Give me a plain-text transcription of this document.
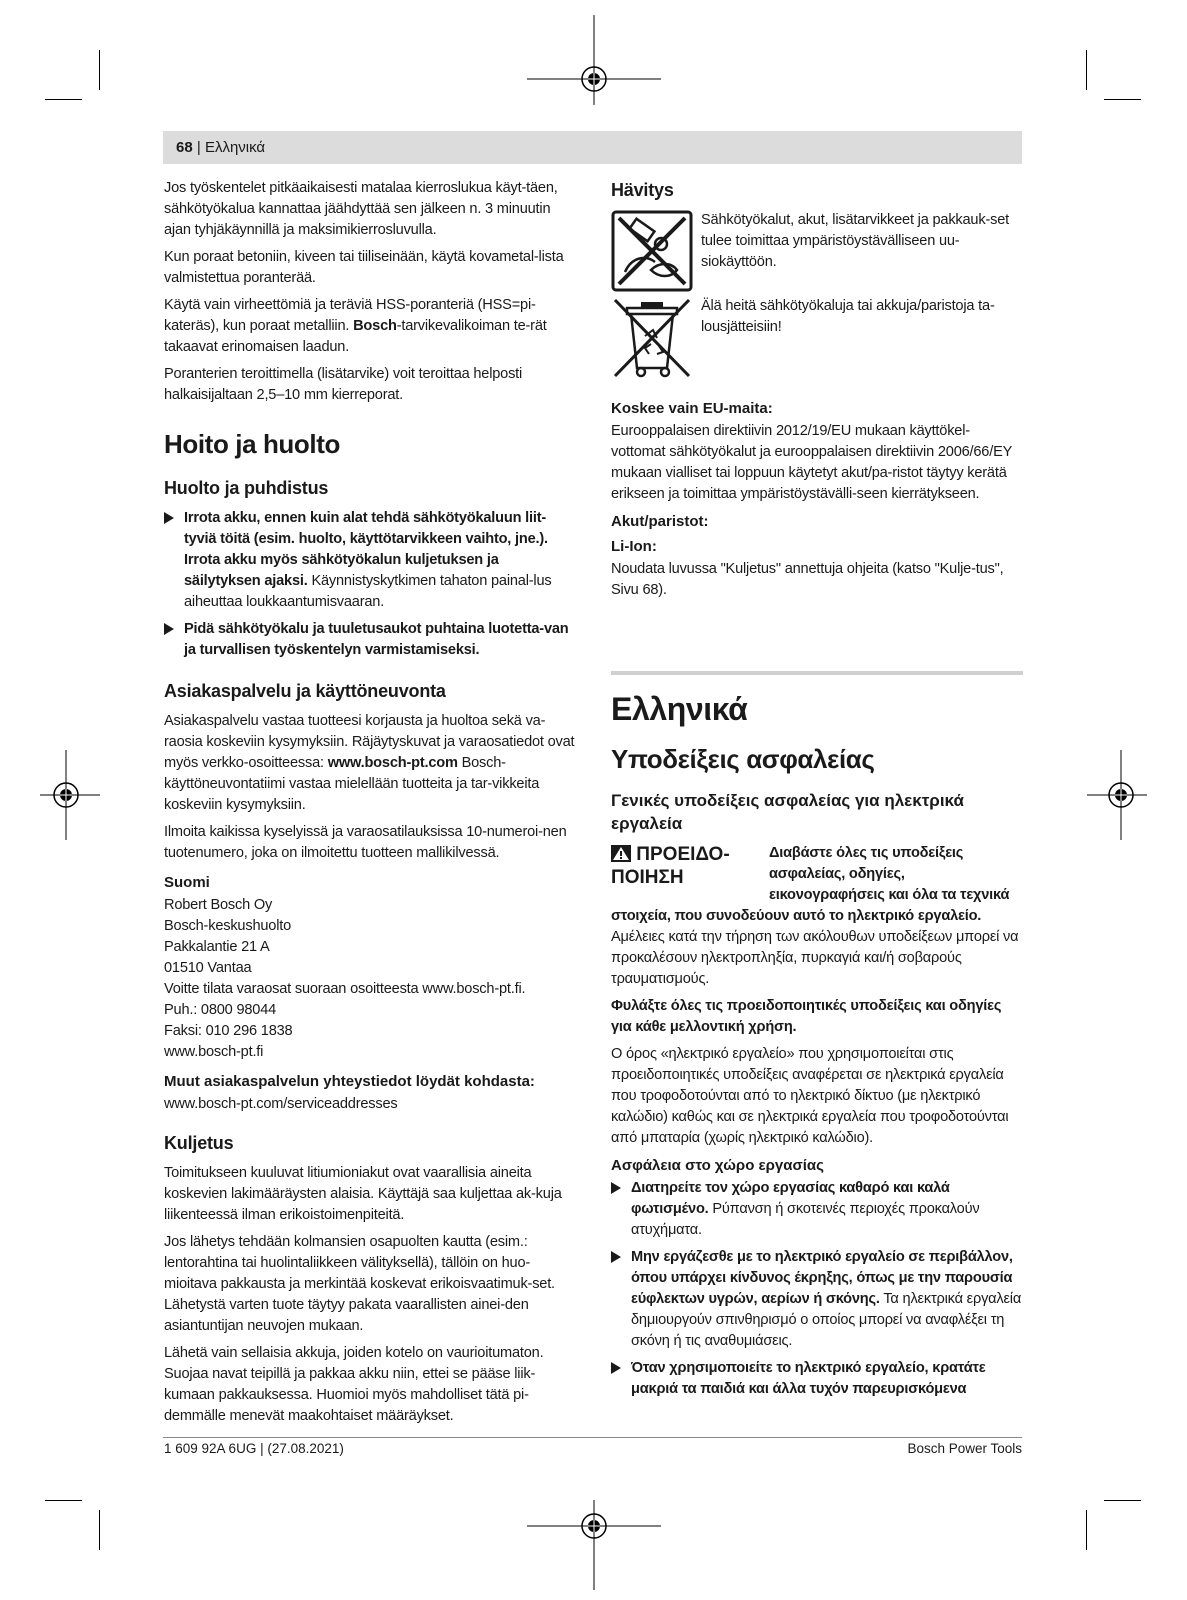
68 | Ελληνικά

Jos työskentelet pitkäaikaisesti matalaa kierroslukua käyt-täen, sähkötyökalua kannattaa jäähdyttää sen jälkeen n. 3 minuutin ajan tyhjäkäynnillä ja maksimikierrosluvulla.

Kun poraat betoniin, kiveen tai tiiliseinään, käytä kovametal-lista valmistettua poranterää.

Käytä vain virheettömiä ja teräviä HSS-poranteriä (HSS=pi-kateräs), kun poraat metalliin. Bosch-tarvikevalikoiman te-rät takaavat erinomaisen laadun.

Poranterien teroittimella (lisätarvike) voit teroittaa helposti halkaisijaltaan 2,5–10 mm kierreporat.

Hoito ja huolto
Huolto ja puhdistus

Irrota akku, ennen kuin alat tehdä sähkötyökaluun liit-tyviä töitä (esim. huolto, käyttötarvikkeen vaihto, jne.). Irrota akku myös sähkötyökalun kuljetuksen ja säilytyksen ajaksi. Käynnistyskytkimen tahaton painal-lus aiheuttaa loukkaantumisvaaran.

Pidä sähkötyökalu ja tuuletusaukot puhtaina luotetta-van ja turvallisen työskentelyn varmistamiseksi.

Asiakaspalvelu ja käyttöneuvonta

Asiakaspalvelu vastaa tuotteesi korjausta ja huoltoa sekä va-raosia koskeviin kysymyksiin. Räjäytyskuvat ja varaosatiedot ovat myös verkko-osoitteessa: www.bosch-pt.com Bosch-käyttöneuvontatiimi vastaa mielellään tuotteita ja tar-vikkeita koskeviin kysymyksiin.

Ilmoita kaikissa kyselyissä ja varaosatilauksissa 10-numeroi-nen tuotenumero, joka on ilmoitettu tuotteen mallikilvessä.

Suomi

Robert Bosch Oy

Bosch-keskushuolto

Pakkalantie 21 A

01510 Vantaa

Voitte tilata varaosat suoraan osoitteesta www.bosch-pt.fi.

Puh.: 0800 98044

Faksi: 010 296 1838

www.bosch-pt.fi

Muut asiakaspalvelun yhteystiedot löydät kohdasta:

www.bosch-pt.com/serviceaddresses

Kuljetus

Toimitukseen kuuluvat litiumioniakut ovat vaarallisia aineita koskevien lakimääräysten alaisia. Käyttäjä saa kuljettaa ak-kuja liikenteessä ilman erikoistoimenpiteitä.

Jos lähetys tehdään kolmansien osapuolten kautta (esim.: lentorahtina tai huolintaliikkeen välityksellä), tällöin on huo-mioitava pakkausta ja merkintää koskevat erikoisvaatimuk-set. Lähetystä varten tuote täytyy pakata vaarallisten ainei-den asiantuntijan neuvojen mukaan.

Lähetä vain sellaisia akkuja, joiden kotelo on vaurioitumaton. Suojaa navat teipillä ja pakkaa akku niin, ettei se pääse liik-kumaan pakkauksessa. Huomioi myös mahdolliset tätä pi-demmälle menevät maakohtaiset määräykset.

Hävitys

Sähkötyökalut, akut, lisätarvikkeet ja pakkauk-set tulee toimittaa ympäristöystävälliseen uu-siokäyttöön.

Älä heitä sähkötyökaluja tai akkuja/paristoja ta-lousjätteisiin!

Koskee vain EU-maita:

Eurooppalaisen direktiivin 2012/19/EU mukaan käyttökel-vottomat sähkötyökalut ja eurooppalaisen direktiivin 2006/66/EY mukaan vialliset tai loppuun käytetyt akut/pa-ristot täytyy kerätä erikseen ja toimittaa ympäristöystävälli-seen kierrätykseen.

Akut/paristot:
Li-Ion:

Noudata luvussa "Kuljetus" annettuja ohjeita (katso "Kulje-tus", Sivu 68).

Ελληνικά
Υποδείξεις ασφαλείας
Γενικές υποδείξεις ασφαλείας για ηλεκτρικά εργαλεία
ΠΡΟΕΙΔΟ-ΠΟΙΗΣΗ

Διαβάστε όλες τις υποδείξεις ασφαλείας, οδηγίες, εικονογραφήσεις και όλα τα τεχνικά στοιχεία, που συνοδεύουν αυτό το ηλεκτρικό εργαλείο. Αμέλειες κατά την τήρηση των ακόλουθων υποδείξεων μπορεί να προκαλέσουν ηλεκτροπληξία, πυρκαγιά και/ή σοβαρούς τραυματισμούς.

Φυλάξτε όλες τις προειδοποιητικές υποδείξεις και οδηγίες για κάθε μελλοντική χρήση.

Ο όρος «ηλεκτρικό εργαλείο» που χρησιμοποιείται στις προειδοποιητικές υποδείξεις αναφέρεται σε ηλεκτρικά εργαλεία που τροφοδοτούνται από το ηλεκτρικό δίκτυο (με ηλεκτρικό καλώδιο) καθώς και σε ηλεκτρικά εργαλεία που τροφοδοτούνται από μπαταρία (χωρίς ηλεκτρικό καλώδιο).

Ασφάλεια στο χώρο εργασίας

Διατηρείτε τον χώρο εργασίας καθαρό και καλά φωτισμένο. Ρύπανση ή σκοτεινές περιοχές προκαλούν ατυχήματα.

Μην εργάζεσθε με το ηλεκτρικό εργαλείο σε περιβάλλον, όπου υπάρχει κίνδυνος έκρηξης, όπως με την παρουσία εύφλεκτων υγρών, αερίων ή σκόνης. Τα ηλεκτρικά εργαλεία δημιουργούν σπινθηρισμό ο οποίος μπορεί να αναφλέξει τη σκόνη ή τις αναθυμιάσεις.

Όταν χρησιμοποιείτε το ηλεκτρικό εργαλείο, κρατάτε μακριά τα παιδιά και άλλα τυχόν παρευρισκόμενα

1 609 92A 6UG | (27.08.2021)	Bosch Power Tools
